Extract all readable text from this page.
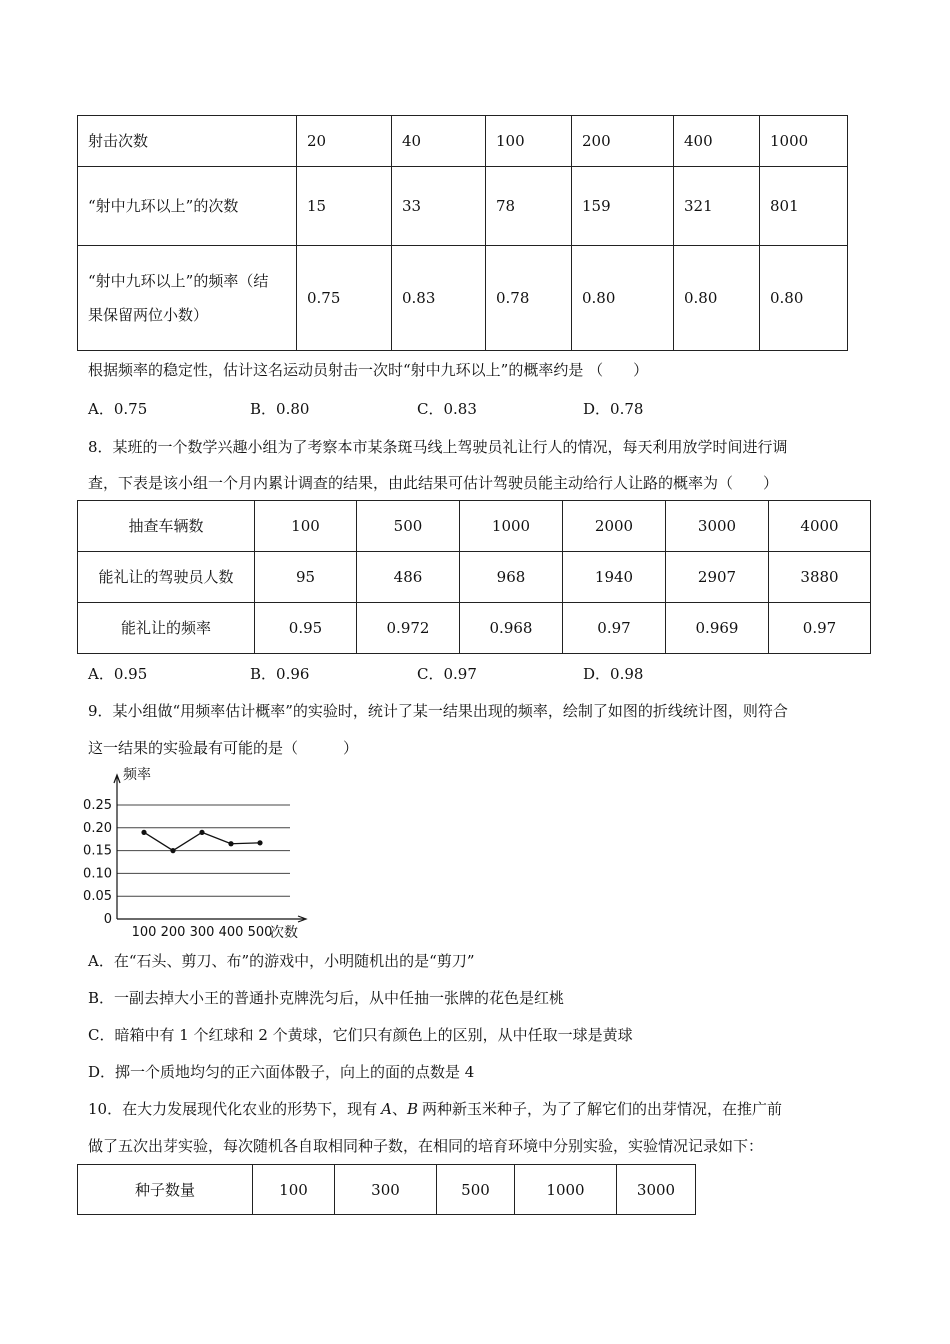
射击次数	20	40	100	200	400	1000
“射中九环以上”的次数	15	33	78	159	321	801

“射中九环以上”的频率（结
果保留两位小数）	0.75	0.83	0.78	0.80	0.80	0.80
根据频率的稳定性，估计这名运动员射击一次时“射中九环以上”的概率约是 （　　）
A．0.75	B．0.80	C．0.83	D．0.78
8．某班的一个数学兴趣小组为了考察本市某条斑马线上驾驶员礼让行人的情况，每天利用放学时间进行调
查，下表是该小组一个月内累计调查的结果，由此结果可估计驾驶员能主动给行人让路的概率为（　　）
抽查车辆数	100	500	1000	2000	3000	4000
能礼让的驾驶员人数	95	486	968	1940	2907	3880
能礼让的频率	0.95	0.972	0.968	0.97	0.969	0.97
A．0.95	B．0.96	C．0.97	D．0.98
9．某小组做“用频率估计概率”的实验时，统计了某一结果出现的频率，绘制了如图的折线统计图，则符合
这一结果的实验最有可能的是（　　　）
0
0.05
0.10
0.15
0.20
0.25
频率
次数
100 200 300 400 500
A．在“石头、剪刀、布”的游戏中，小明随机出的是“剪刀”
B．一副去掉大小王的普通扑克牌洗匀后，从中任抽一张牌的花色是红桃
C．暗箱中有 1 个红球和 2 个黄球，它们只有颜色上的区别，从中任取一球是黄球
D．掷一个质地均匀的正六面体骰子，向上的面的点数是 4
10．在大力发展现代化农业的形势下，现有 A、B 两种新玉米种子，为了了解它们的出芽情况，在推广前
做了五次出芽实验，每次随机各自取相同种子数，在相同的培育环境中分别实验，实验情况记录如下：
种子数量	100	300	500	1000	3000
